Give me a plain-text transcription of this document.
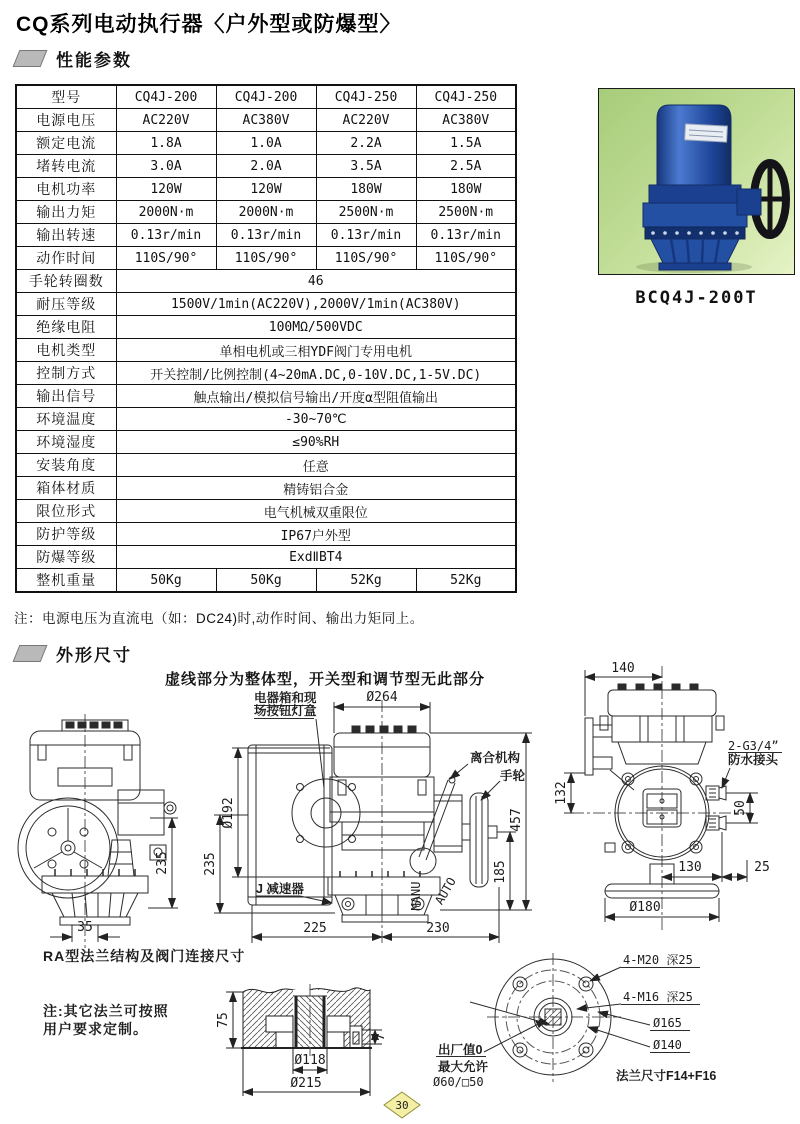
CQ系列电动执行器〈户外型或防爆型〉
性能参数
型号	CQ4J-200	CQ4J-200	CQ4J-250	CQ4J-250
电源电压	AC220V	AC380V	AC220V	AC380V
额定电流	1.8A	1.0A	2.2A	1.5A
堵转电流	3.0A	2.0A	3.5A	2.5A
电机功率	120W	120W	180W	180W
输出力矩	2000N·m	2000N·m	2500N·m	2500N·m
输出转速	0.13r/min	0.13r/min	0.13r/min	0.13r/min
动作时间	110S/90°	110S/90°	110S/90°	110S/90°
手轮转圈数	46			
耐压等级	1500V/1min(AC220V),2000V/1min(AC380V)			
绝缘电阻	100MΩ/500VDC			
电机类型	单相电机或三相YDF阀门专用电机			
控制方式	开关控制/比例控制(4~20mA.DC,0-10V.DC,1-5V.DC)			
输出信号	触点输出/模拟信号输出/开度α型阻值输出			
环境温度	-30~70℃			
环境湿度	≤90%RH			
安装角度	任意			
箱体材质	精铸铝合金			
限位形式	电气机械双重限位			
防护等级	IP67户外型			
防爆等级	ExdⅡBT4			
整机重量	50Kg	50Kg	52Kg	52Kg
注：电源电压为直流电（如：DC24)时,动作时间、输出力矩同上。
BCQ4J-200T
外形尺寸
虚线部分为整体型，开关型和调节型无此部分
235
35
RA型法兰结构及阀门连接尺寸
电器箱和现
场按钮灯盒
Ø264
Ø192
235
离合机构
手轮
457
185
MANU AUTO
J 减速器
225	230
140
2-G3/4”
防水接头
132
50
130	25
Ø180
75
7
Ø118
Ø215
注:其它法兰可按照
用户要求定制。
4-M20 深25
4-M16 深25
Ø165
Ø140
出厂值0
最大允许
Ø60/□50	法兰尺寸F14+F16
30
